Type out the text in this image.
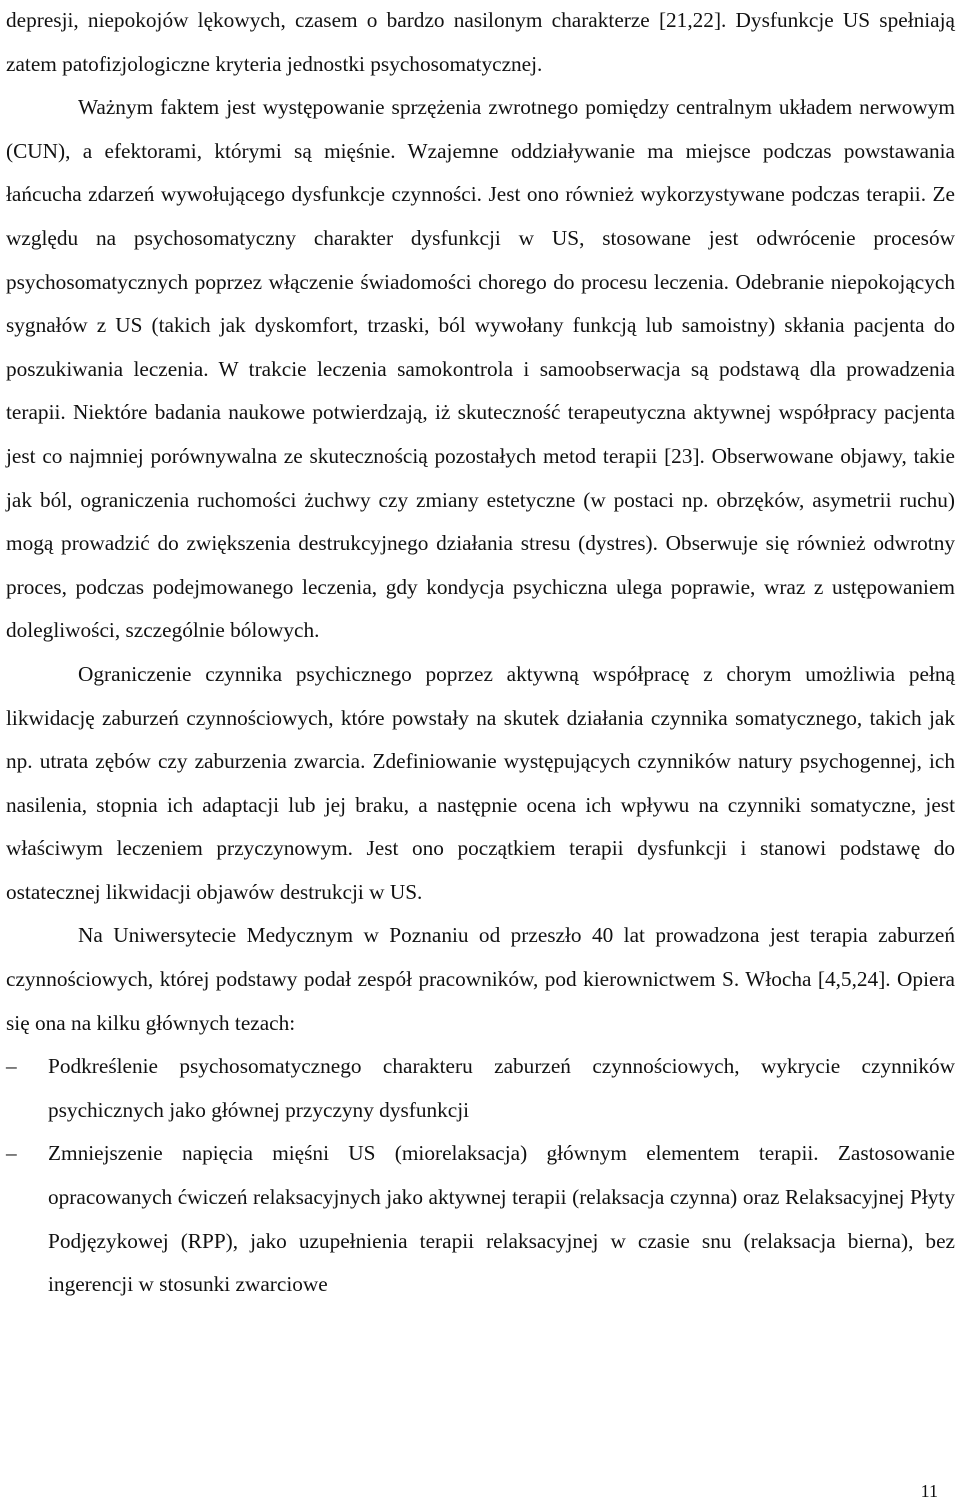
depresji, niepokojów lękowych, czasem o bardzo nasilonym charakterze [21,22]. Dysfunkcje US spełniają zatem patofizjologiczne kryteria jednostki psychosomatycznej.

Ważnym faktem jest występowanie sprzężenia zwrotnego pomiędzy centralnym układem nerwowym (CUN), a efektorami, którymi są mięśnie. Wzajemne oddziaływanie ma miejsce podczas powstawania łańcucha zdarzeń wywołującego dysfunkcje czynności. Jest ono również wykorzystywane podczas terapii. Ze względu na psychosomatyczny charakter dysfunkcji w US, stosowane jest odwrócenie procesów psychosomatycznych poprzez włączenie świadomości chorego do procesu leczenia. Odebranie niepokojących sygnałów z US (takich jak dyskomfort, trzaski, ból wywołany funkcją lub samoistny) skłania pacjenta do poszukiwania leczenia. W trakcie leczenia samokontrola i samoobserwacja są podstawą dla prowadzenia terapii. Niektóre badania naukowe potwierdzają, iż skuteczność terapeutyczna aktywnej współpracy pacjenta jest co najmniej porównywalna ze skutecznością pozostałych metod terapii [23]. Obserwowane objawy, takie jak ból, ograniczenia ruchomości żuchwy czy zmiany estetyczne (w postaci np. obrzęków, asymetrii ruchu) mogą prowadzić do zwiększenia destrukcyjnego działania stresu (dystres). Obserwuje się również odwrotny proces, podczas podejmowanego leczenia, gdy kondycja psychiczna ulega poprawie, wraz z ustępowaniem dolegliwości, szczególnie bólowych.

Ograniczenie czynnika psychicznego poprzez aktywną współpracę z chorym umożliwia pełną likwidację zaburzeń czynnościowych, które powstały na skutek działania czynnika somatycznego, takich jak np. utrata zębów czy zaburzenia zwarcia. Zdefiniowanie występujących czynników natury psychogennej, ich nasilenia, stopnia ich adaptacji lub jej braku, a następnie ocena ich wpływu na czynniki somatyczne, jest właściwym leczeniem przyczynowym. Jest ono początkiem terapii dysfunkcji i stanowi podstawę do ostatecznej likwidacji objawów destrukcji w US.

Na Uniwersytecie Medycznym w Poznaniu od przeszło 40 lat prowadzona jest terapia zaburzeń czynnościowych, której podstawy podał zespół pracowników, pod kierownictwem S. Włocha [4,5,24]. Opiera się ona na kilku głównych tezach:

–	Podkreślenie psychosomatycznego charakteru zaburzeń czynnościowych, wykrycie czynników psychicznych jako głównej przyczyny dysfunkcji
–	Zmniejszenie napięcia mięśni US (miorelaksacja) głównym elementem terapii. Zastosowanie opracowanych ćwiczeń relaksacyjnych jako aktywnej terapii (relaksacja czynna) oraz Relaksacyjnej Płyty Podjęzykowej (RPP), jako uzupełnienia terapii relaksacyjnej w czasie snu (relaksacja bierna), bez ingerencji w stosunki zwarciowe
11
